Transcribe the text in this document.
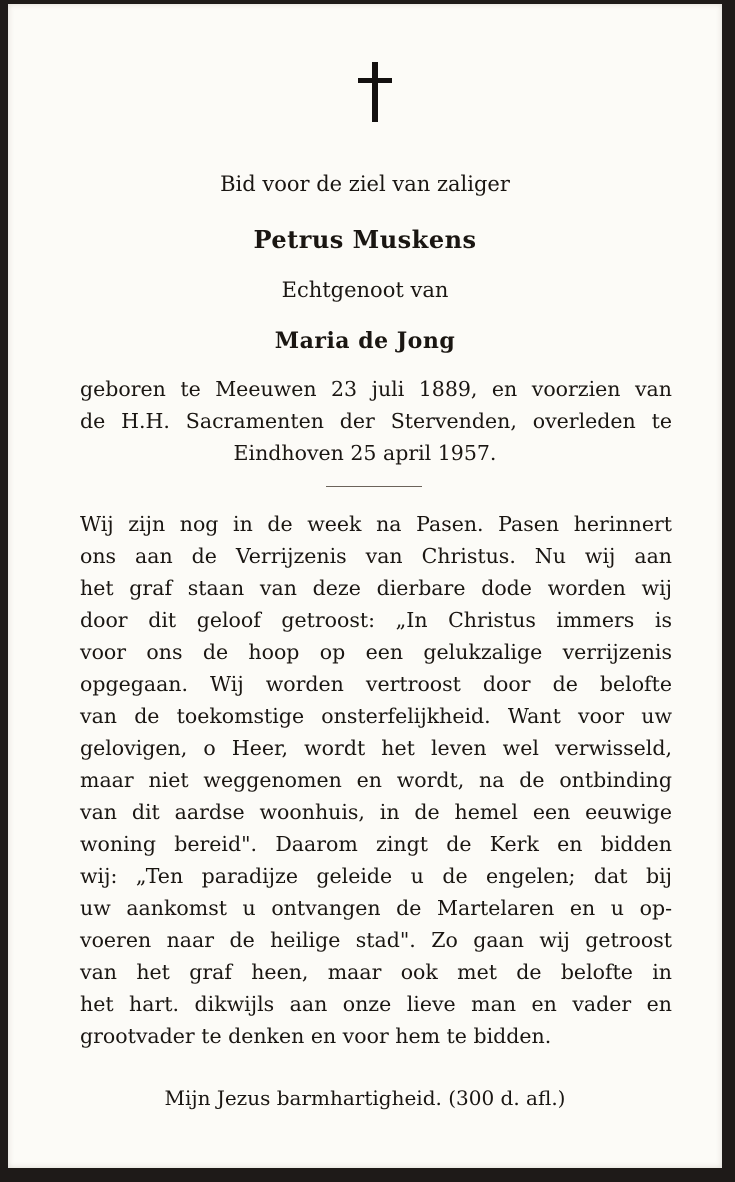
Bid voor de ziel van zaliger
Petrus Muskens
Echtgenoot van
Maria de Jong
geboren te Meeuwen 23 juli 1889, en voorzien van
de H.H. Sacramenten der Stervenden, overleden te
Eindhoven 25 april 1957.
Wij zijn nog in de week na Pasen. Pasen herinnert
ons aan de Verrijzenis van Christus. Nu wij aan
het graf staan van deze dierbare dode worden wij
door dit geloof getroost: „In Christus immers is
voor ons de hoop op een gelukzalige verrijzenis
opgegaan. Wij worden vertroost door de belofte
van de toekomstige onsterfelijkheid. Want voor uw
gelovigen, o Heer, wordt het leven wel verwisseld,
maar niet weggenomen en wordt, na de ontbinding
van dit aardse woonhuis, in de hemel een eeuwige
woning bereid". Daarom zingt de Kerk en bidden
wij: „Ten paradijze geleide u de engelen; dat bij
uw aankomst u ontvangen de Martelaren en u op-
voeren naar de heilige stad". Zo gaan wij getroost
van het graf heen, maar ook met de belofte in
het hart. dikwijls aan onze lieve man en vader en
grootvader te denken en voor hem te bidden.
Mijn Jezus barmhartigheid. (300 d. afl.)
